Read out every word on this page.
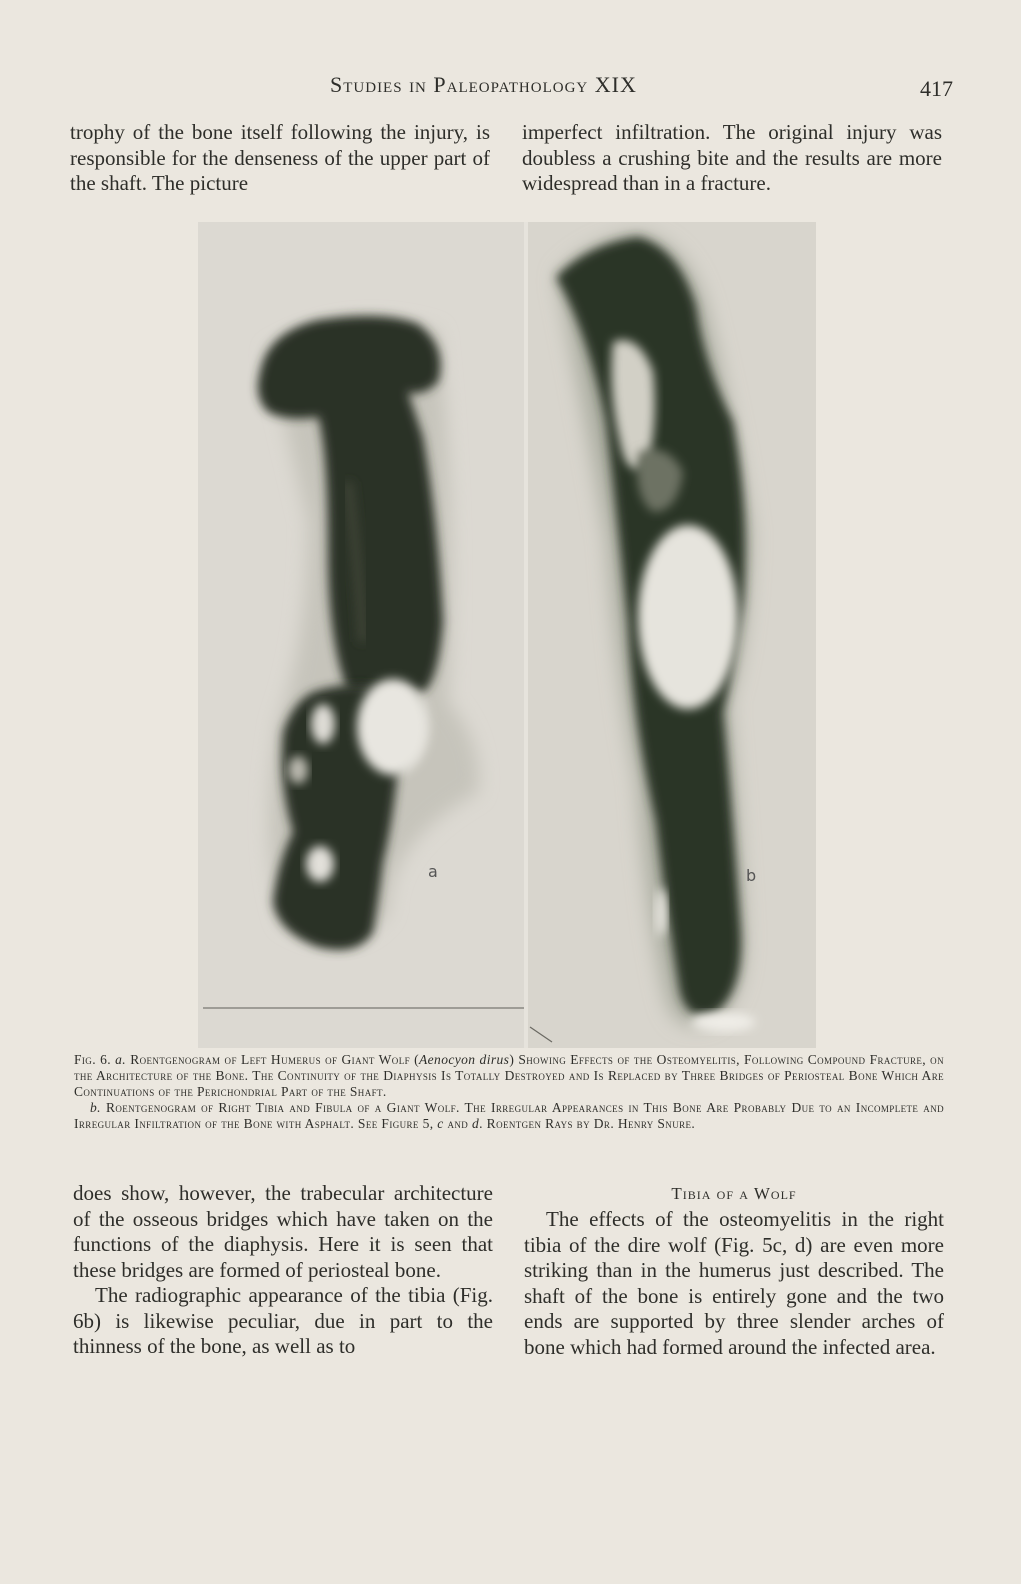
Studies in Paleopathology XIX	417

trophy of the bone itself following the injury, is responsible for the denseness of the upper part of the shaft. The picture

imperfect infiltration. The original injury was doubless a crushing bite and the results are more widespread than in a fracture.

a	b

Fig. 6. a. Roentgenogram of Left Humerus of Giant Wolf (Aenocyon dirus) Showing Effects of the Osteomyelitis, Following Compound Fracture, on the Architecture of the Bone. The Continuity of the Diaphysis Is Totally Destroyed and Is Replaced by Three Bridges of Periosteal Bone Which Are Continuations of the Perichondrial Part of the Shaft.

b. Roentgenogram of Right Tibia and Fibula of a Giant Wolf. The Irregular Appearances in This Bone Are Probably Due to an Incomplete and Irregular Infiltration of the Bone with Asphalt. See Figure 5, c and d. Roentgen Rays by Dr. Henry Snure.

does show, however, the trabecular architecture of the osseous bridges which have taken on the functions of the diaphysis. Here it is seen that these bridges are formed of periosteal bone.

The radiographic appearance of the tibia (Fig. 6b) is likewise peculiar, due in part to the thinness of the bone, as well as to

Tibia of a Wolf

The effects of the osteomyelitis in the right tibia of the dire wolf (Fig. 5c, d) are even more striking than in the humerus just described. The shaft of the bone is entirely gone and the two ends are supported by three slender arches of bone which had formed around the infected area.
